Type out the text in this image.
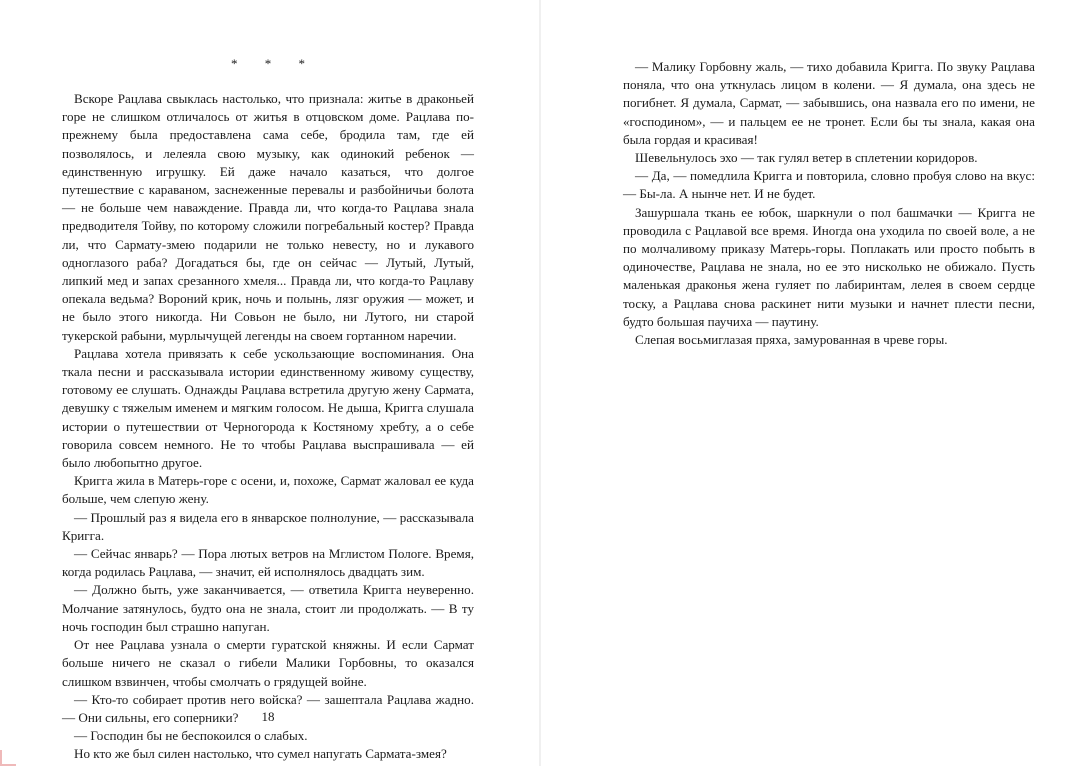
* * *

Вскоре Рацлава свыклась настолько, что признала: житье в драконьей горе не слишком отличалось от житья в отцовском доме. Рацлава по-прежнему была предоставлена сама себе, бродила там, где ей позволялось, и лелеяла свою музыку, как одинокий ребенок — единственную игрушку. Ей даже начало казаться, что долгое путешествие с караваном, заснеженные перевалы и разбойничьи болота — не больше чем наваждение. Правда ли, что когда-то Рацлава знала предводителя Тойву, по которому сложили погребальный костер? Правда ли, что Сармату-змею подарили не только невесту, но и лукавого одноглазого раба? Догадаться бы, где он сейчас — Лутый, Лутый, липкий мед и запах срезанного хмеля... Правда ли, что когда-то Рацлаву опекала ведьма? Вороний крик, ночь и полынь, лязг оружия — может, и не было этого никогда. Ни Совьон не было, ни Лутого, ни старой тукерской рабыни, мурлычущей легенды на своем гортанном наречии.

Рацлава хотела привязать к себе ускользающие воспоминания. Она ткала песни и рассказывала истории единственному живому существу, готовому ее слушать. Однажды Рацлава встретила другую жену Сармата, девушку с тяжелым именем и мягким голосом. Не дыша, Кригга слушала истории о путешествии от Черногорода к Костяному хребту, а о себе говорила совсем немного. Не то чтобы Рацлава выспрашивала — ей было любопытно другое.

Кригга жила в Матерь-горе с осени, и, похоже, Сармат жаловал ее куда больше, чем слепую жену.

— Прошлый раз я видела его в январское полнолуние, — рассказывала Кригга.

— Сейчас январь? — Пора лютых ветров на Мглистом Пологе. Время, когда родилась Рацлава, — значит, ей исполнялось двадцать зим.

— Должно быть, уже заканчивается, — ответила Кригга неуверенно. Молчание затянулось, будто она не знала, стоит ли продолжать. — В ту ночь господин был страшно напуган.

От нее Рацлава узнала о смерти гуратской княжны. И если Сармат больше ничего не сказал о гибели Малики Горбовны, то оказался слишком взвинчен, чтобы смолчать о грядущей войне.

— Кто-то собирает против него войска? — зашептала Рацлава жадно. — Они сильны, его соперники?

— Господин бы не беспокоился о слабых.

Но кто же был силен настолько, что сумел напугать Сармата-змея?

18

— Малику Горбовну жаль, — тихо добавила Кригга. По звуку Рацлава поняла, что она уткнулась лицом в колени. — Я думала, она здесь не погибнет. Я думала, Сармат, — забывшись, она назвала его по имени, не «господином», — и пальцем ее не тронет. Если бы ты знала, какая она была гордая и красивая!

Шевельнулось эхо — так гулял ветер в сплетении коридоров.

— Да, — помедлила Кригга и повторила, словно пробуя слово на вкус: — Бы-ла. А нынче нет. И не будет.

Зашуршала ткань ее юбок, шаркнули о пол башмачки — Кригга не проводила с Рацлавой все время. Иногда она уходила по своей воле, а не по молчаливому приказу Матерь-горы. Поплакать или просто побыть в одиночестве, Рацлава не знала, но ее это нисколько не обижало. Пусть маленькая драконья жена гуляет по лабиринтам, лелея в своем сердце тоску, а Рацлава снова раскинет нити музыки и начнет плести песни, будто большая паучиха — паутину.

Слепая восьмиглазая пряха, замурованная в чреве горы.
